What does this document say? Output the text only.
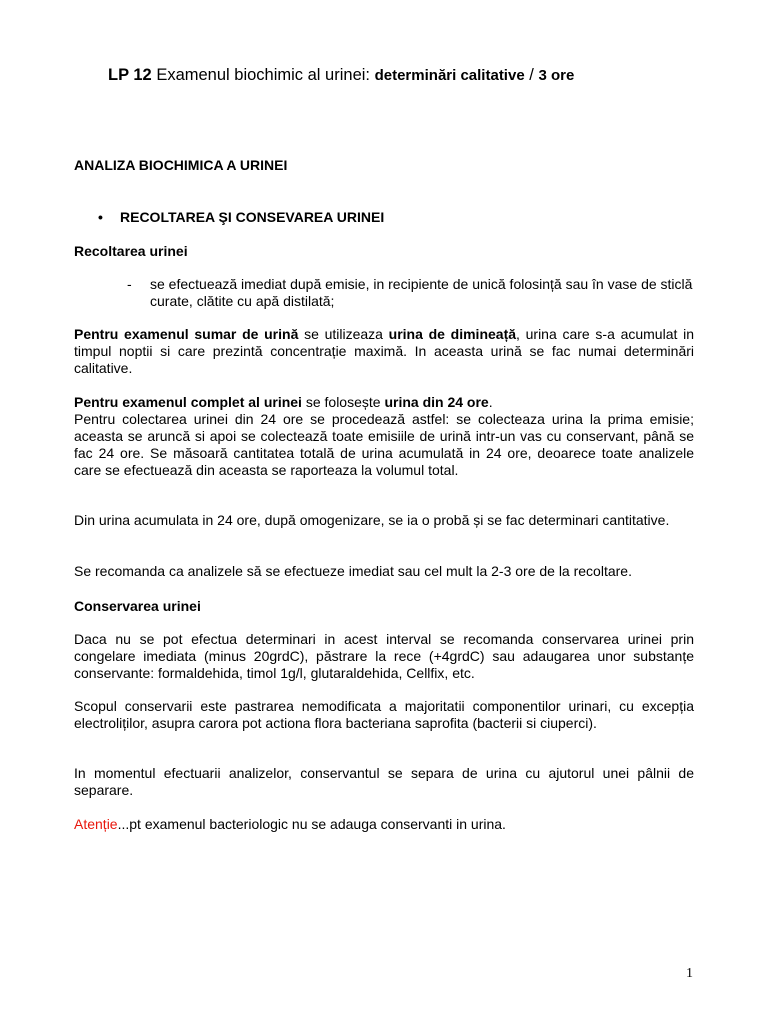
LP 12 Examenul biochimic al urinei: determinări calitative / 3 ore
ANALIZA BIOCHIMICA A URINEI
• RECOLTAREA ŞI CONSEVAREA URINEI
Recoltarea urinei
- se efectuează imediat după emisie, in recipiente de unică folosință sau în vase de sticlă curate, clătite cu apă distilată;
Pentru examenul sumar de urină se utilizeaza urina de dimineață, urina care s-a acumulat in timpul noptii si care prezintă concentrație maximă. In aceasta urină se fac numai determinări calitative.
Pentru examenul complet al urinei se folosește urina din 24 ore.
Pentru colectarea urinei din 24 ore se procedează astfel: se colecteaza urina la prima emisie; aceasta se aruncă si apoi se colectează toate emisiile de urină intr-un vas cu conservant, până se fac 24 ore. Se măsoară cantitatea totală de urina acumulată in 24 ore, deoarece toate analizele care se efectuează din aceasta se raporteaza la volumul total.
Din urina acumulata in 24 ore, după omogenizare, se ia o probă și se fac determinari cantitative.
Se recomanda ca analizele să se efectueze imediat sau cel mult la 2-3 ore de la recoltare.
Conservarea urinei
Daca nu se pot efectua determinari in acest interval se recomanda conservarea urinei prin congelare imediata (minus 20grdC), păstrare la rece (+4grdC) sau adaugarea unor substanțe conservante: formaldehida, timol 1g/l, glutaraldehida, Cellfix, etc.
Scopul conservarii este pastrarea nemodificata a majoritatii componentilor urinari, cu excepția electroliților, asupra carora pot actiona flora bacteriana saprofita (bacterii si ciuperci).
In momentul efectuarii analizelor, conservantul se separa de urina cu ajutorul unei pâlnii de separare.
Atenție...pt examenul bacteriologic nu se adauga conservanti in urina.
1
